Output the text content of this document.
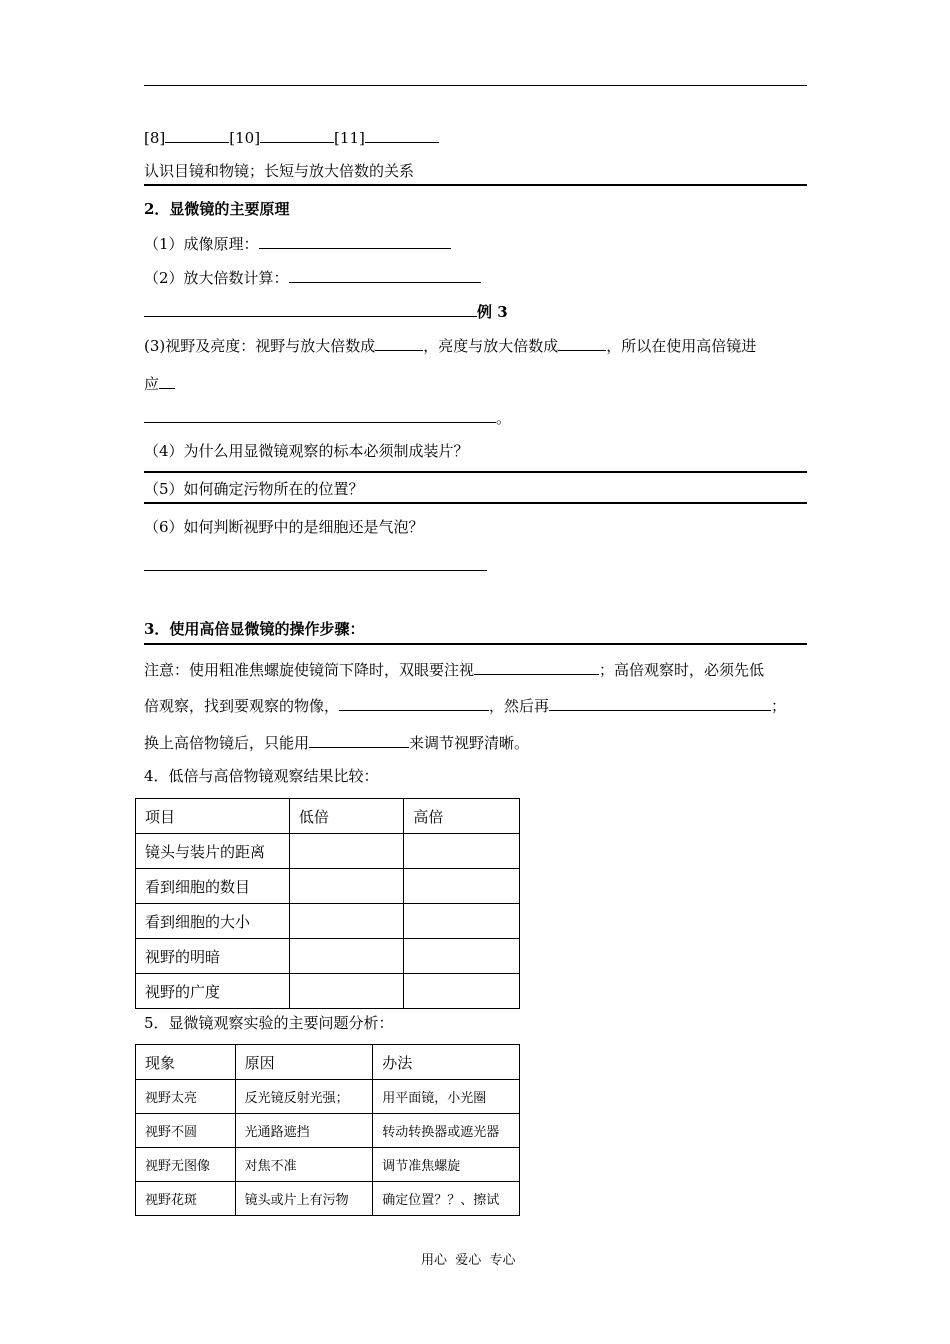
[8]	[10]	[11]
认识目镜和物镜；长短与放大倍数的关系
2．显微镜的主要原理
（1）成像原理：
（2）放大倍数计算：
例 3
(3)视野及亮度：视野与放大倍数成	，亮度与放大倍数成	，所以在使用高倍镜进
应
。
（4）为什么用显微镜观察的标本必须制成装片？
（5）如何确定污物所在的位置？
（6）如何判断视野中的是细胞还是气泡？
3．使用高倍显微镜的操作步骤：
注意：使用粗准焦螺旋使镜筒下降时，双眼要注视	；高倍观察时，必须先低
倍观察，找到要观察的物像，	，然后再	；
换上高倍物镜后，只能用	来调节视野清晰。
4．低倍与高倍物镜观察结果比较：
项目	低倍	高倍
镜头与装片的距离		
看到细胞的数目		
看到细胞的大小		
视野的明暗		
视野的广度		
5．显微镜观察实验的主要问题分析：
现象	原因	办法
视野太亮	反光镜反射光强；	用平面镜，小光圈
视野不圆	光通路遮挡	转动转换器或遮光器
视野无图像	对焦不准	调节准焦螺旋
视野花斑	镜头或片上有污物	确定位置？？、擦试
用心  爱心  专心
